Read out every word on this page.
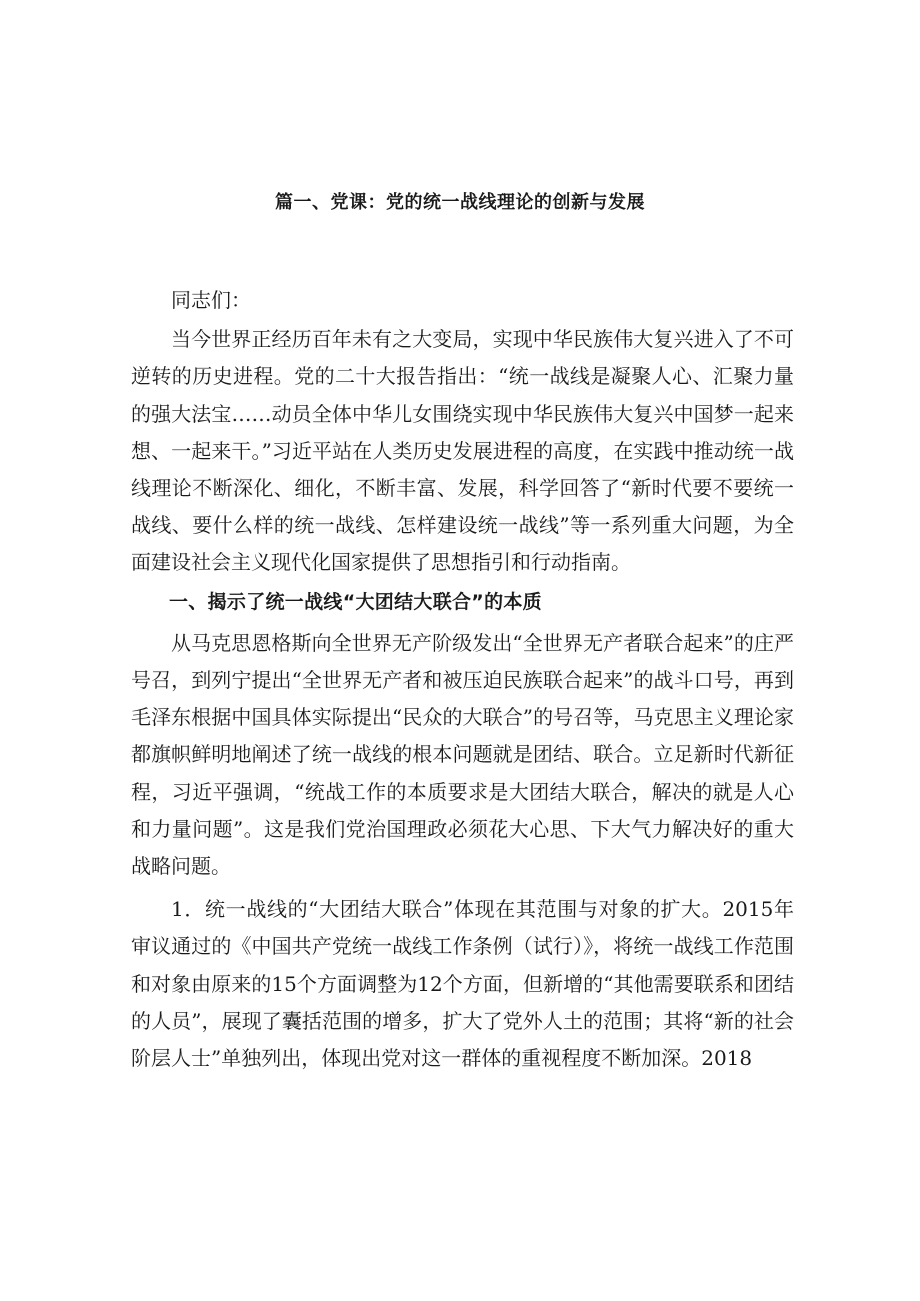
篇一、党课：党的统一战线理论的创新与发展

同志们：

当今世界正经历百年未有之大变局，实现中华民族伟大复兴进入了不可逆转的历史进程。党的二十大报告指出：“统一战线是凝聚人心、汇聚力量的强大法宝……动员全体中华儿女围绕实现中华民族伟大复兴中国梦一起来想、一起来干。”习近平站在人类历史发展进程的高度，在实践中推动统一战线理论不断深化、细化，不断丰富、发展，科学回答了“新时代要不要统一战线、要什么样的统一战线、怎样建设统一战线”等一系列重大问题，为全面建设社会主义现代化国家提供了思想指引和行动指南。

一、揭示了统一战线“大团结大联合”的本质

从马克思恩格斯向全世界无产阶级发出“全世界无产者联合起来”的庄严号召，到列宁提出“全世界无产者和被压迫民族联合起来”的战斗口号，再到毛泽东根据中国具体实际提出“民众的大联合”的号召等，马克思主义理论家都旗帜鲜明地阐述了统一战线的根本问题就是团结、联合。立足新时代新征程，习近平强调，“统战工作的本质要求是大团结大联合，解决的就是人心和力量问题”。这是我们党治国理政必须花大心思、下大气力解决好的重大战略问题。

1．统一战线的“大团结大联合”体现在其范围与对象的扩大。2015年审议通过的《中国共产党统一战线工作条例（试行）》，将统一战线工作范围和对象由原来的15个方面调整为12个方面，但新增的“其他需要联系和团结的人员”，展现了囊括范围的增多，扩大了党外人土的范围；其将“新的社会阶层人士”单独列出，体现出党对这一群体的重视程度不断加深。2018
